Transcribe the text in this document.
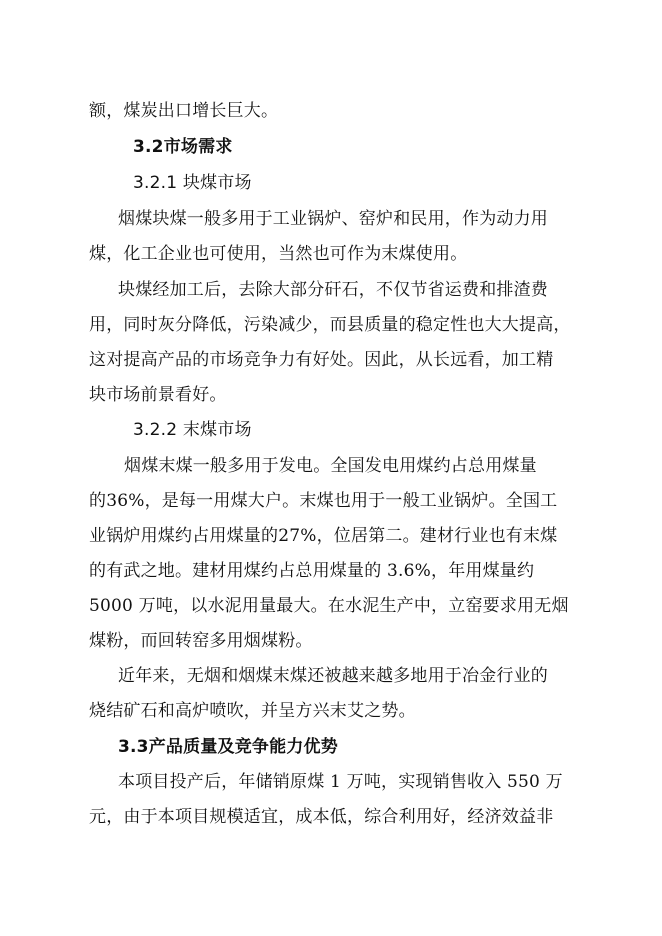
额，煤炭出口增长巨大。
3.2市场需求
3.2.1 块煤市场
烟煤块煤一般多用于工业锅炉、窑炉和民用，作为动力用
煤，化工企业也可使用，当然也可作为末煤使用。
块煤经加工后，去除大部分矸石，不仅节省运费和排渣费
用，同时灰分降低，污染减少，而县质量的稳定性也大大提高，
这对提高产品的市场竞争力有好处。因此，从长远看，加工精
块市场前景看好。
3.2.2 末煤市场
烟煤末煤一般多用于发电。全国发电用煤约占总用煤量
的36%，是每一用煤大户。末煤也用于一般工业锅炉。全国工
业锅炉用煤约占用煤量的27%，位居第二。建材行业也有末煤
的有武之地。建材用煤约占总用煤量的 3.6%，年用煤量约
5000 万吨，以水泥用量最大。在水泥生产中，立窑要求用无烟
煤粉，而回转窑多用烟煤粉。
近年来，无烟和烟煤末煤还被越来越多地用于冶金行业的
烧结矿石和高炉喷吹，并呈方兴末艾之势。
3.3产品质量及竞争能力优势
本项目投产后，年储销原煤 1 万吨，实现销售收入 550 万
元，由于本项目规模适宜，成本低，综合利用好，经济效益非
